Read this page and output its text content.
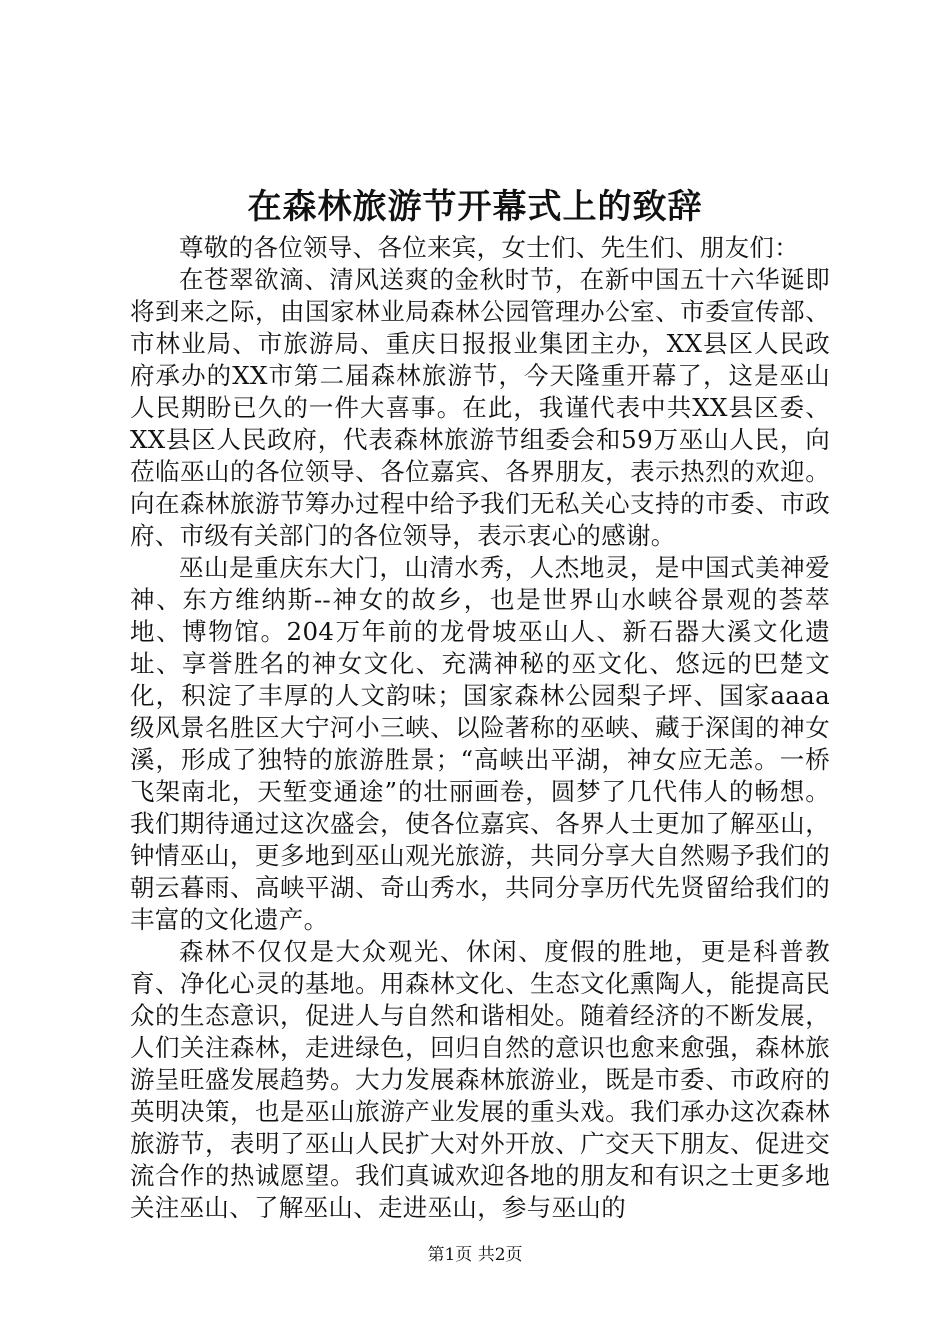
在森林旅游节开幕式上的致辞

尊敬的各位领导、各位来宾，女士们、先生们、朋友们：

在苍翠欲滴、清风送爽的金秋时节，在新中国五十六华诞即将到来之际，由国家林业局森林公园管理办公室、市委宣传部、市林业局、市旅游局、重庆日报报业集团主办，XX县区人民政府承办的XX市第二届森林旅游节，今天隆重开幕了，这是巫山人民期盼已久的一件大喜事。在此，我谨代表中共XX县区委、XX县区人民政府，代表森林旅游节组委会和59万巫山人民，向莅临巫山的各位领导、各位嘉宾、各界朋友，表示热烈的欢迎。向在森林旅游节筹办过程中给予我们无私关心支持的市委、市政府、市级有关部门的各位领导，表示衷心的感谢。

巫山是重庆东大门，山清水秀，人杰地灵，是中国式美神爱神、东方维纳斯--神女的故乡，也是世界山水峡谷景观的荟萃地、博物馆。204万年前的龙骨坡巫山人、新石器大溪文化遗址、享誉胜名的神女文化、充满神秘的巫文化、悠远的巴楚文化，积淀了丰厚的人文韵味；国家森林公园梨子坪、国家aaaa级风景名胜区大宁河小三峡、以险著称的巫峡、藏于深闺的神女溪，形成了独特的旅游胜景；“高峡出平湖，神女应无恙。一桥飞架南北，天堑变通途”的壮丽画卷，圆梦了几代伟人的畅想。我们期待通过这次盛会，使各位嘉宾、各界人士更加了解巫山，钟情巫山，更多地到巫山观光旅游，共同分享大自然赐予我们的朝云暮雨、高峡平湖、奇山秀水，共同分享历代先贤留给我们的丰富的文化遗产。

森林不仅仅是大众观光、休闲、度假的胜地，更是科普教育、净化心灵的基地。用森林文化、生态文化熏陶人，能提高民众的生态意识，促进人与自然和谐相处。随着经济的不断发展，人们关注森林，走进绿色，回归自然的意识也愈来愈强，森林旅游呈旺盛发展趋势。大力发展森林旅游业，既是市委、市政府的英明决策，也是巫山旅游产业发展的重头戏。我们承办这次森林旅游节，表明了巫山人民扩大对外开放、广交天下朋友、促进交流合作的热诚愿望。我们真诚欢迎各地的朋友和有识之士更多地关注巫山、了解巫山、走进巫山，参与巫山的

第1页 共2页
